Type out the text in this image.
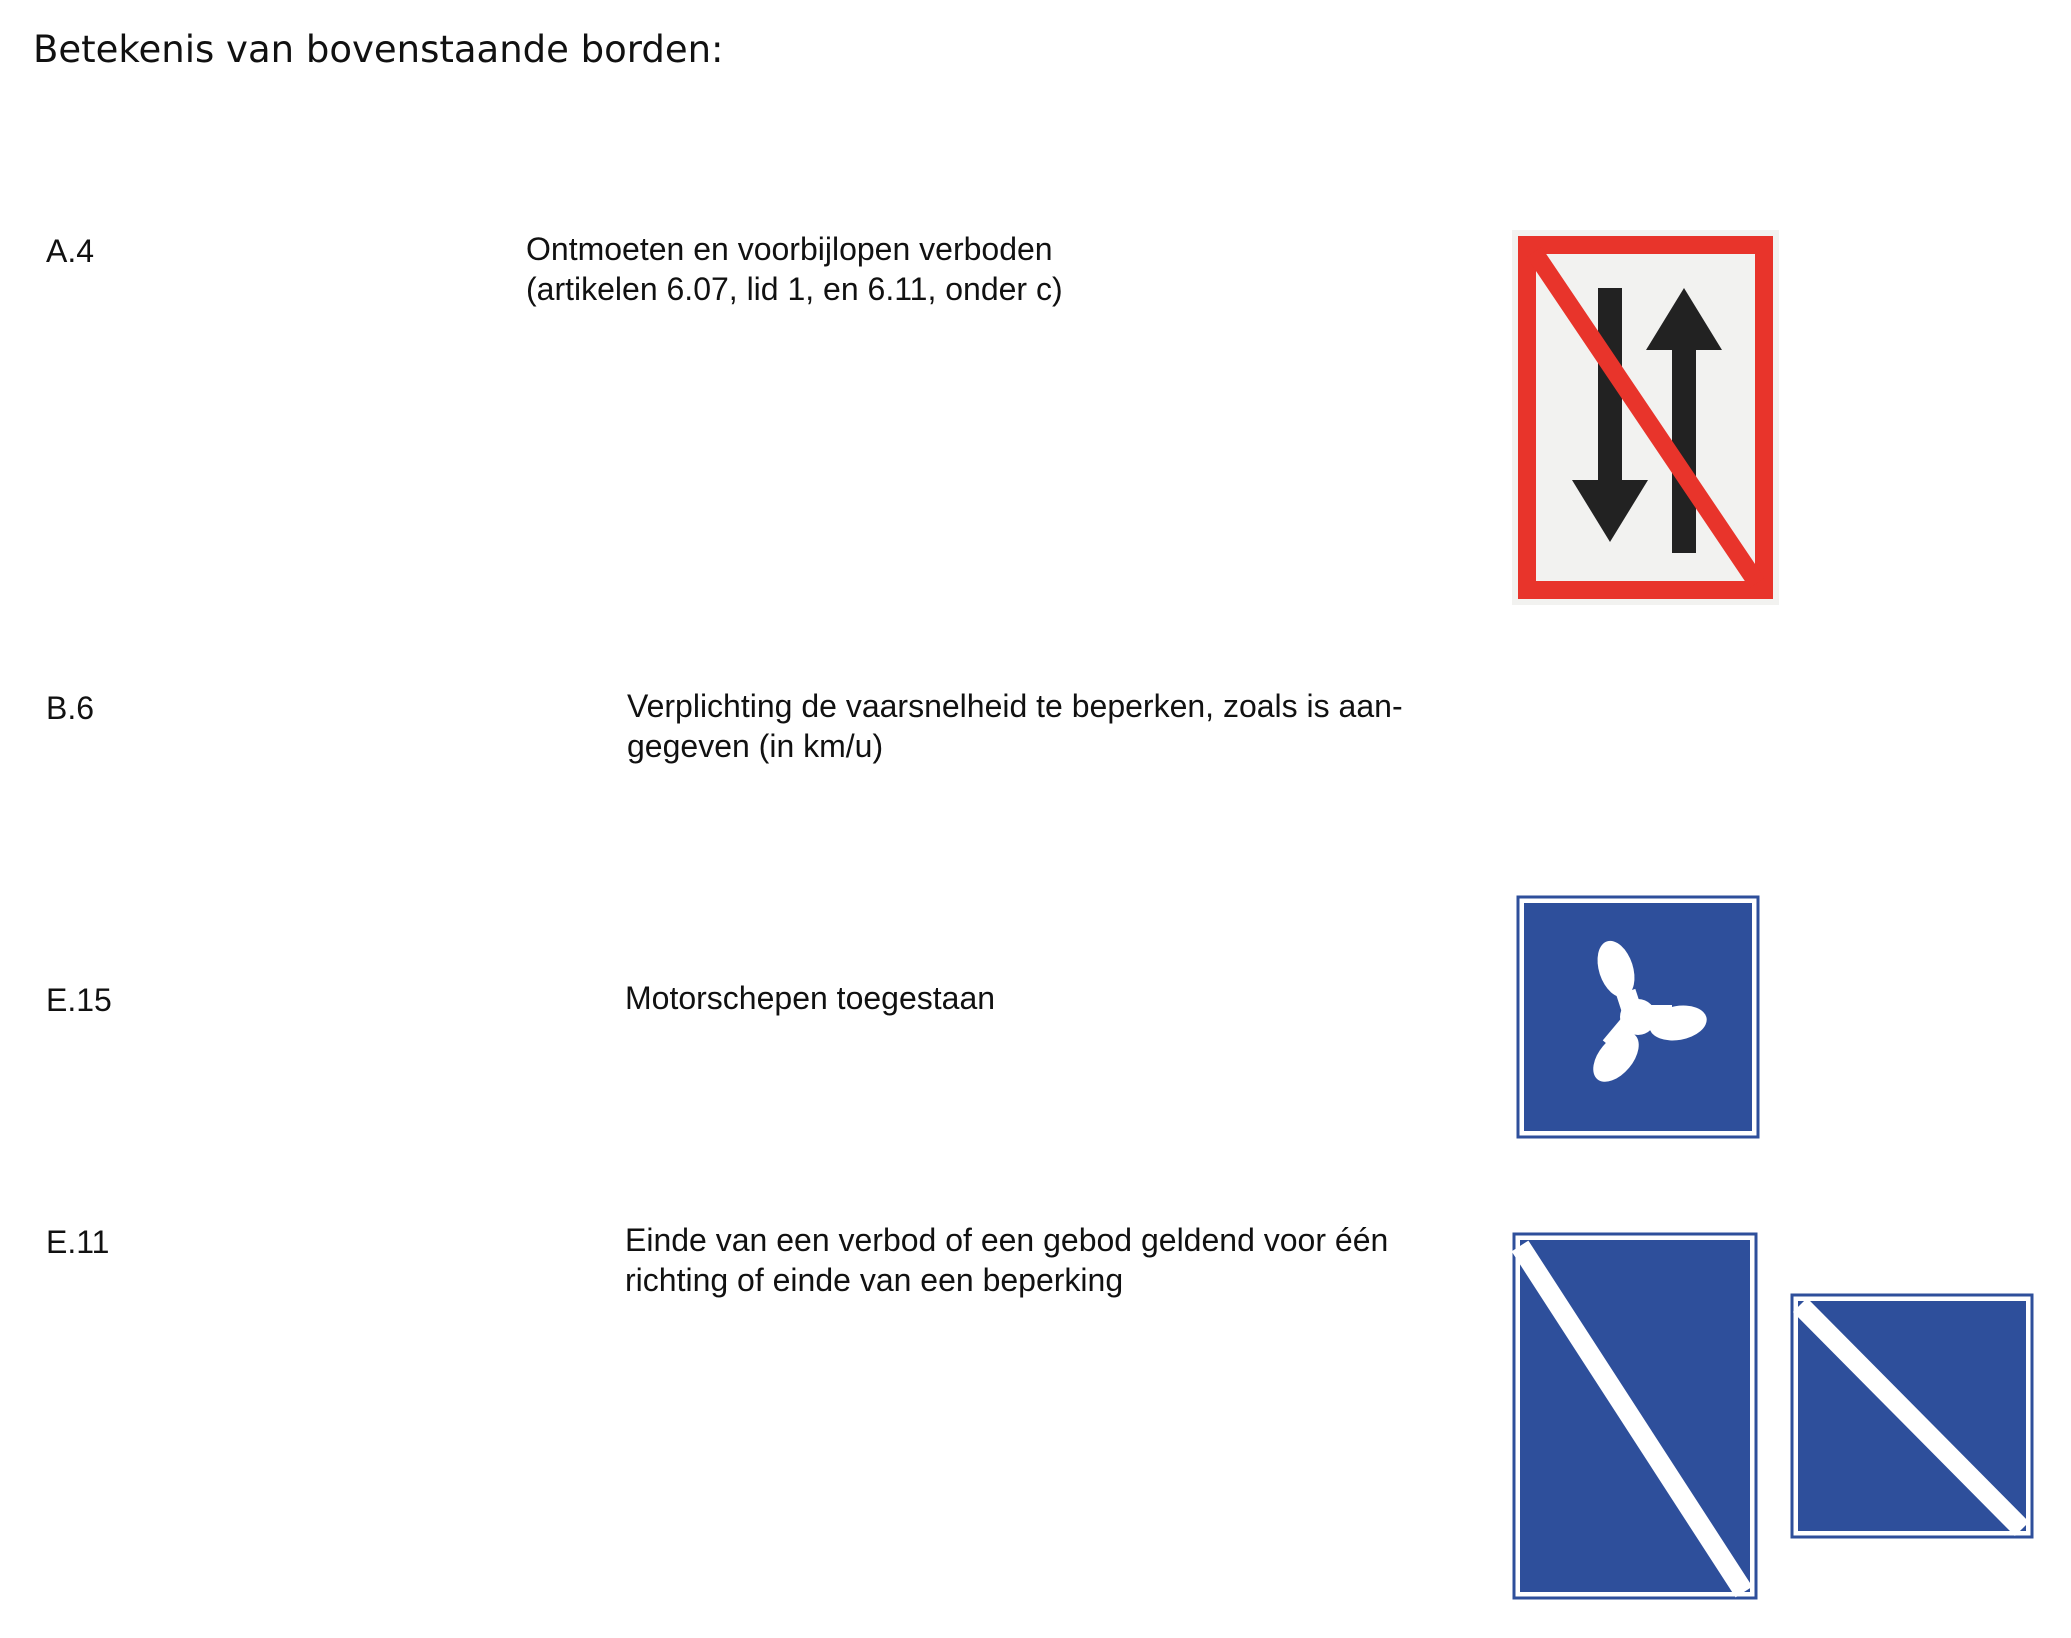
Betekenis van bovenstaande borden:
A.4	Ontmoeten en voorbijlopen verboden
(artikelen 6.07, lid 1, en 6.11, onder c)
B.6	Verplichting de vaarsnelheid te beperken, zoals is aan-
gegeven (in km/u)
E.15	Motorschepen toegestaan
E.11	Einde van een verbod of een gebod geldend voor één
richting of einde van een beperking
